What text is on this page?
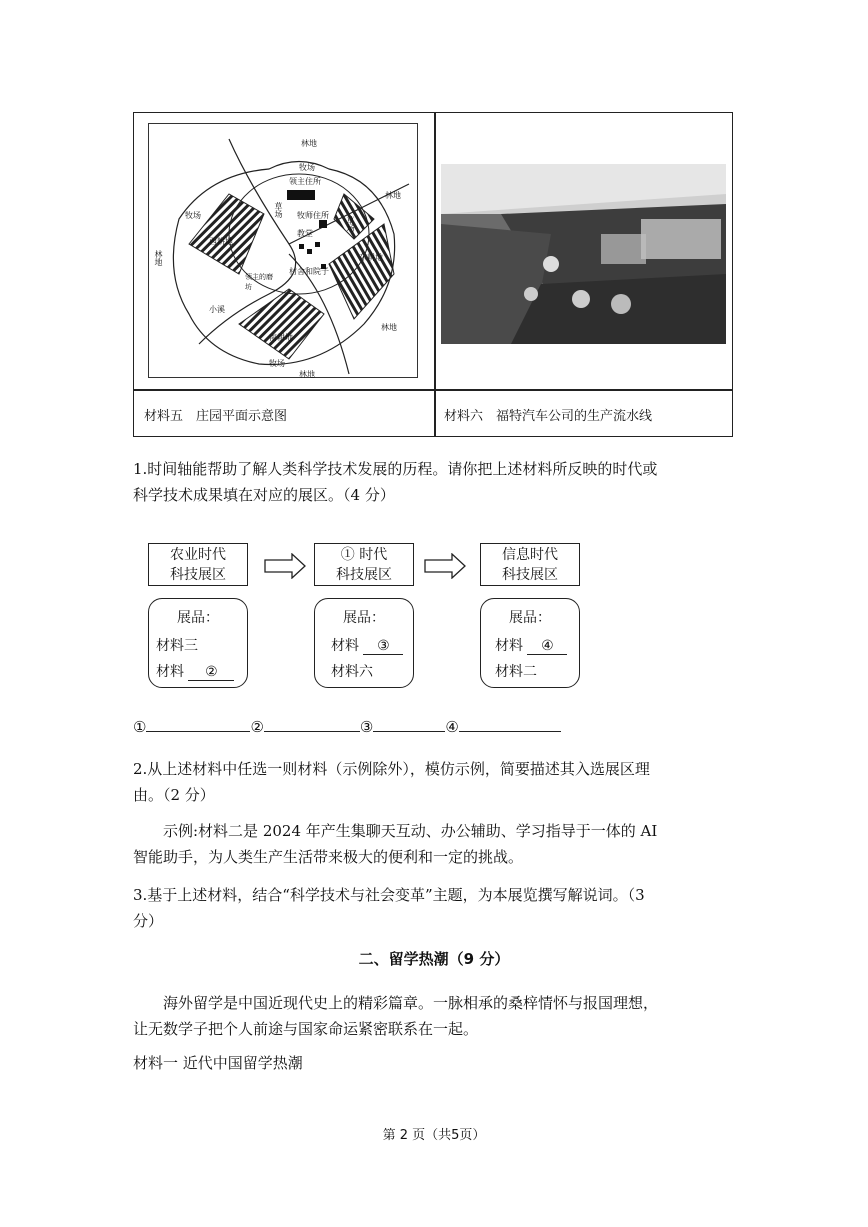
林地
牧场
领主住所
牧场	草场 牧师住所
教堂
草场
林地
西耕地
林地	东耕地
领主的磨坊
村舍和院子
小溪
林地
南耕地
牧场
林地
材料五　庄园平面示意图	材料六　福特汽车公司的生产流水线
1.时间轴能帮助了解人类科学技术发展的历程。请你把上述材料所反映的时代或
科学技术成果填在对应的展区。（4 分）
农业时代
科技展区
① 时代
科技展区
信息时代
科技展区
展品：
材料三
材料 ②
展品：
材料 ③
材料六
展品：
材料 ④
材料二
①	②	③	④
2.从上述材料中任选一则材料（示例除外），模仿示例，简要描述其入选展区理
由。（2 分）
示例:材料二是 2024 年产生集聊天互动、办公辅助、学习指导于一体的 AI
智能助手，为人类生产生活带来极大的便利和一定的挑战。
3.基于上述材料，结合“科学技术与社会变革”主题，为本展览撰写解说词。（3
分）
二、留学热潮（9 分）
海外留学是中国近现代史上的精彩篇章。一脉相承的桑梓情怀与报国理想，
让无数学子把个人前途与国家命运紧密联系在一起。
材料一 近代中国留学热潮
第 2 页（共5页）
